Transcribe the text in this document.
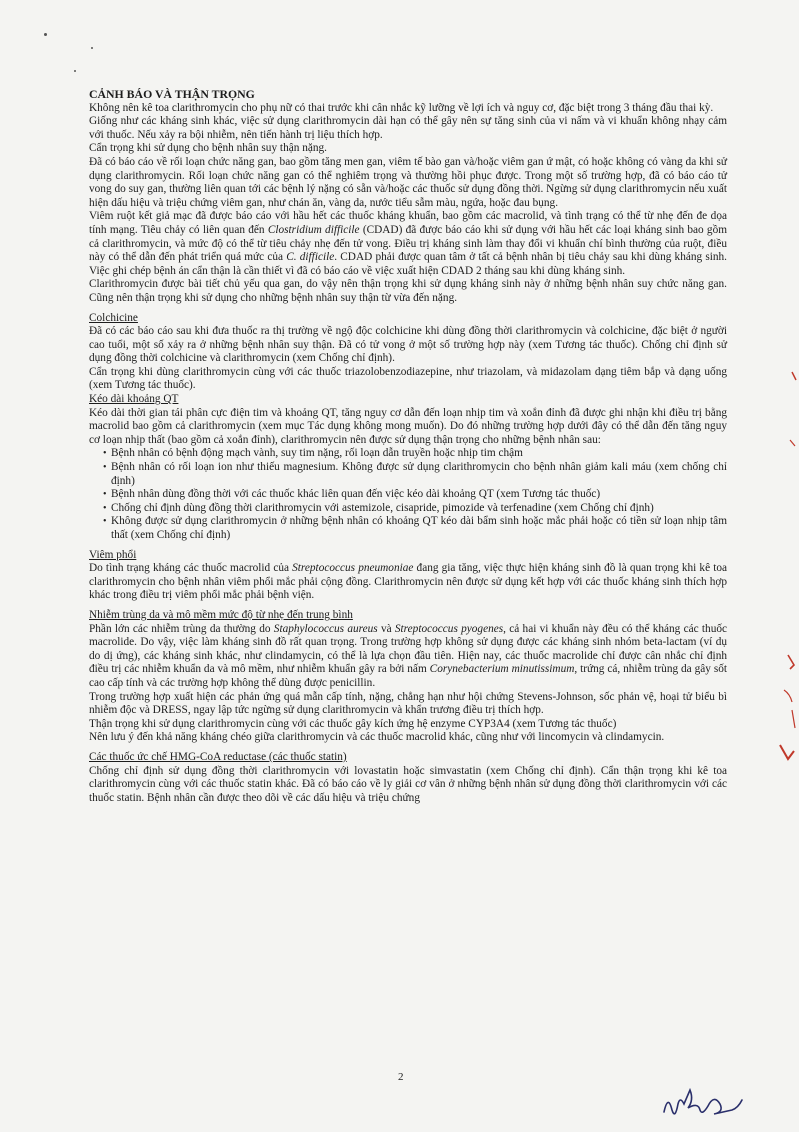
CẢNH BÁO VÀ THẬN TRỌNG

Không nên kê toa clarithromycin cho phụ nữ có thai trước khi cân nhắc kỹ lưỡng về lợi ích và nguy cơ, đặc biệt trong 3 tháng đầu thai kỳ.

Giống như các kháng sinh khác, việc sử dụng clarithromycin dài hạn có thể gây nên sự tăng sinh của vi nấm và vi khuẩn không nhạy cảm với thuốc. Nếu xảy ra bội nhiễm, nên tiến hành trị liệu thích hợp.

Cẩn trọng khi sử dụng cho bệnh nhân suy thận nặng.

Đã có báo cáo về rối loạn chức năng gan, bao gồm tăng men gan, viêm tế bào gan và/hoặc viêm gan ứ mật, có hoặc không có vàng da khi sử dụng clarithromycin. Rối loạn chức năng gan có thể nghiêm trọng và thường hồi phục được. Trong một số trường hợp, đã có báo cáo tử vong do suy gan, thường liên quan tới các bệnh lý nặng có sẵn và/hoặc các thuốc sử dụng đồng thời. Ngừng sử dụng clarithromycin nếu xuất hiện dấu hiệu và triệu chứng viêm gan, như chán ăn, vàng da, nước tiểu sẫm màu, ngứa, hoặc đau bụng.

Viêm ruột kết giả mạc đã được báo cáo với hầu hết các thuốc kháng khuẩn, bao gồm các macrolid, và tình trạng có thể từ nhẹ đến đe dọa tính mạng. Tiêu chảy có liên quan đến Clostridium difficile (CDAD) đã được báo cáo khi sử dụng với hầu hết các loại kháng sinh bao gồm cả clarithromycin, và mức độ có thể từ tiêu chảy nhẹ đến tử vong. Điều trị kháng sinh làm thay đổi vi khuẩn chí bình thường của ruột, điều này có thể dẫn đến phát triển quá mức của C. difficile. CDAD phải được quan tâm ở tất cả bệnh nhân bị tiêu chảy sau khi dùng kháng sinh. Việc ghi chép bệnh án cẩn thận là cần thiết vì đã có báo cáo về việc xuất hiện CDAD 2 tháng sau khi dùng kháng sinh.

Clarithromycin được bài tiết chủ yếu qua gan, do vậy nên thận trọng khi sử dụng kháng sinh này ở những bệnh nhân suy chức năng gan. Cũng nên thận trọng khi sử dụng cho những bệnh nhân suy thận từ vừa đến nặng.

Colchicine

Đã có các báo cáo sau khi đưa thuốc ra thị trường về ngộ độc colchicine khi dùng đồng thời clarithromycin và colchicine, đặc biệt ở người cao tuổi, một số xảy ra ở những bệnh nhân suy thận. Đã có tử vong ở một số trường hợp này (xem Tương tác thuốc). Chống chỉ định sử dụng đồng thời colchicine và clarithromycin (xem Chống chỉ định).

Cẩn trọng khi dùng clarithromycin cùng với các thuốc triazolobenzodiazepine, như triazolam, và midazolam dạng tiêm bắp và dạng uống (xem Tương tác thuốc).

Kéo dài khoảng QT

Kéo dài thời gian tái phân cực điện tim và khoảng QT, tăng nguy cơ dẫn đến loạn nhịp tim và xoắn đỉnh đã được ghi nhận khi điều trị bằng macrolid bao gồm cả clarithromycin (xem mục Tác dụng không mong muốn). Do đó những trường hợp dưới đây có thể dẫn đến tăng nguy cơ loạn nhịp thất (bao gồm cả xoắn đỉnh), clarithromycin nên được sử dụng thận trọng cho những bệnh nhân sau:

• Bệnh nhân có bệnh động mạch vành, suy tim nặng, rối loạn dẫn truyền hoặc nhịp tim chậm
• Bệnh nhân có rối loạn ion như thiếu magnesium. Không được sử dụng clarithromycin cho bệnh nhân giảm kali máu (xem chống chỉ định)
• Bệnh nhân dùng đồng thời với các thuốc khác liên quan đến việc kéo dài khoảng QT (xem Tương tác thuốc)
• Chống chỉ định dùng đồng thời clarithromycin với astemizole, cisapride, pimozide và terfenadine (xem Chống chỉ định)
• Không được sử dụng clarithromycin ở những bệnh nhân có khoảng QT kéo dài bẩm sinh hoặc mắc phải hoặc có tiền sử loạn nhịp tâm thất (xem Chống chỉ định)

Viêm phổi

Do tình trạng kháng các thuốc macrolid của Streptococcus pneumoniae đang gia tăng, việc thực hiện kháng sinh đồ là quan trọng khi kê toa clarithromycin cho bệnh nhân viêm phổi mắc phải cộng đồng. Clarithromycin nên được sử dụng kết hợp với các thuốc kháng sinh thích hợp khác trong điều trị viêm phổi mắc phải bệnh viện.

Nhiễm trùng da và mô mềm mức độ từ nhẹ đến trung bình

Phần lớn các nhiễm trùng da thường do Staphylococcus aureus và Streptococcus pyogenes, cả hai vi khuẩn này đều có thể kháng các thuốc macrolide. Do vậy, việc làm kháng sinh đồ rất quan trọng. Trong trường hợp không sử dụng được các kháng sinh nhóm beta-lactam (ví dụ do dị ứng), các kháng sinh khác, như clindamycin, có thể là lựa chọn đầu tiên. Hiện nay, các thuốc macrolide chỉ được cân nhắc chỉ định điều trị các nhiễm khuẩn da và mô mềm, như nhiễm khuẩn gây ra bởi nấm Corynebacterium minutissimum, trứng cá, nhiễm trùng da gây sốt cao cấp tính và các trường hợp không thể dùng được penicillin.

Trong trường hợp xuất hiện các phản ứng quá mẫn cấp tính, nặng, chẳng hạn như hội chứng Stevens-Johnson, sốc phản vệ, hoại tử biểu bì nhiễm độc và DRESS, ngay lập tức ngừng sử dụng clarithromycin và khẩn trương điều trị thích hợp.

Thận trọng khi sử dụng clarithromycin cùng với các thuốc gây kích ứng hệ enzyme CYP3A4 (xem Tương tác thuốc)

Nên lưu ý đến khả năng kháng chéo giữa clarithromycin và các thuốc macrolid khác, cũng như với lincomycin và clindamycin.

Các thuốc ức chế HMG-CoA reductase (các thuốc statin)

Chống chỉ định sử dụng đồng thời clarithromycin với lovastatin hoặc simvastatin (xem Chống chỉ định). Cẩn thận trọng khi kê toa clarithromycin cùng với các thuốc statin khác. Đã có báo cáo về ly giải cơ vân ở những bệnh nhân sử dụng đồng thời clarithromycin với các thuốc statin. Bệnh nhân cần được theo dõi về các dấu hiệu và triệu chứng

2
